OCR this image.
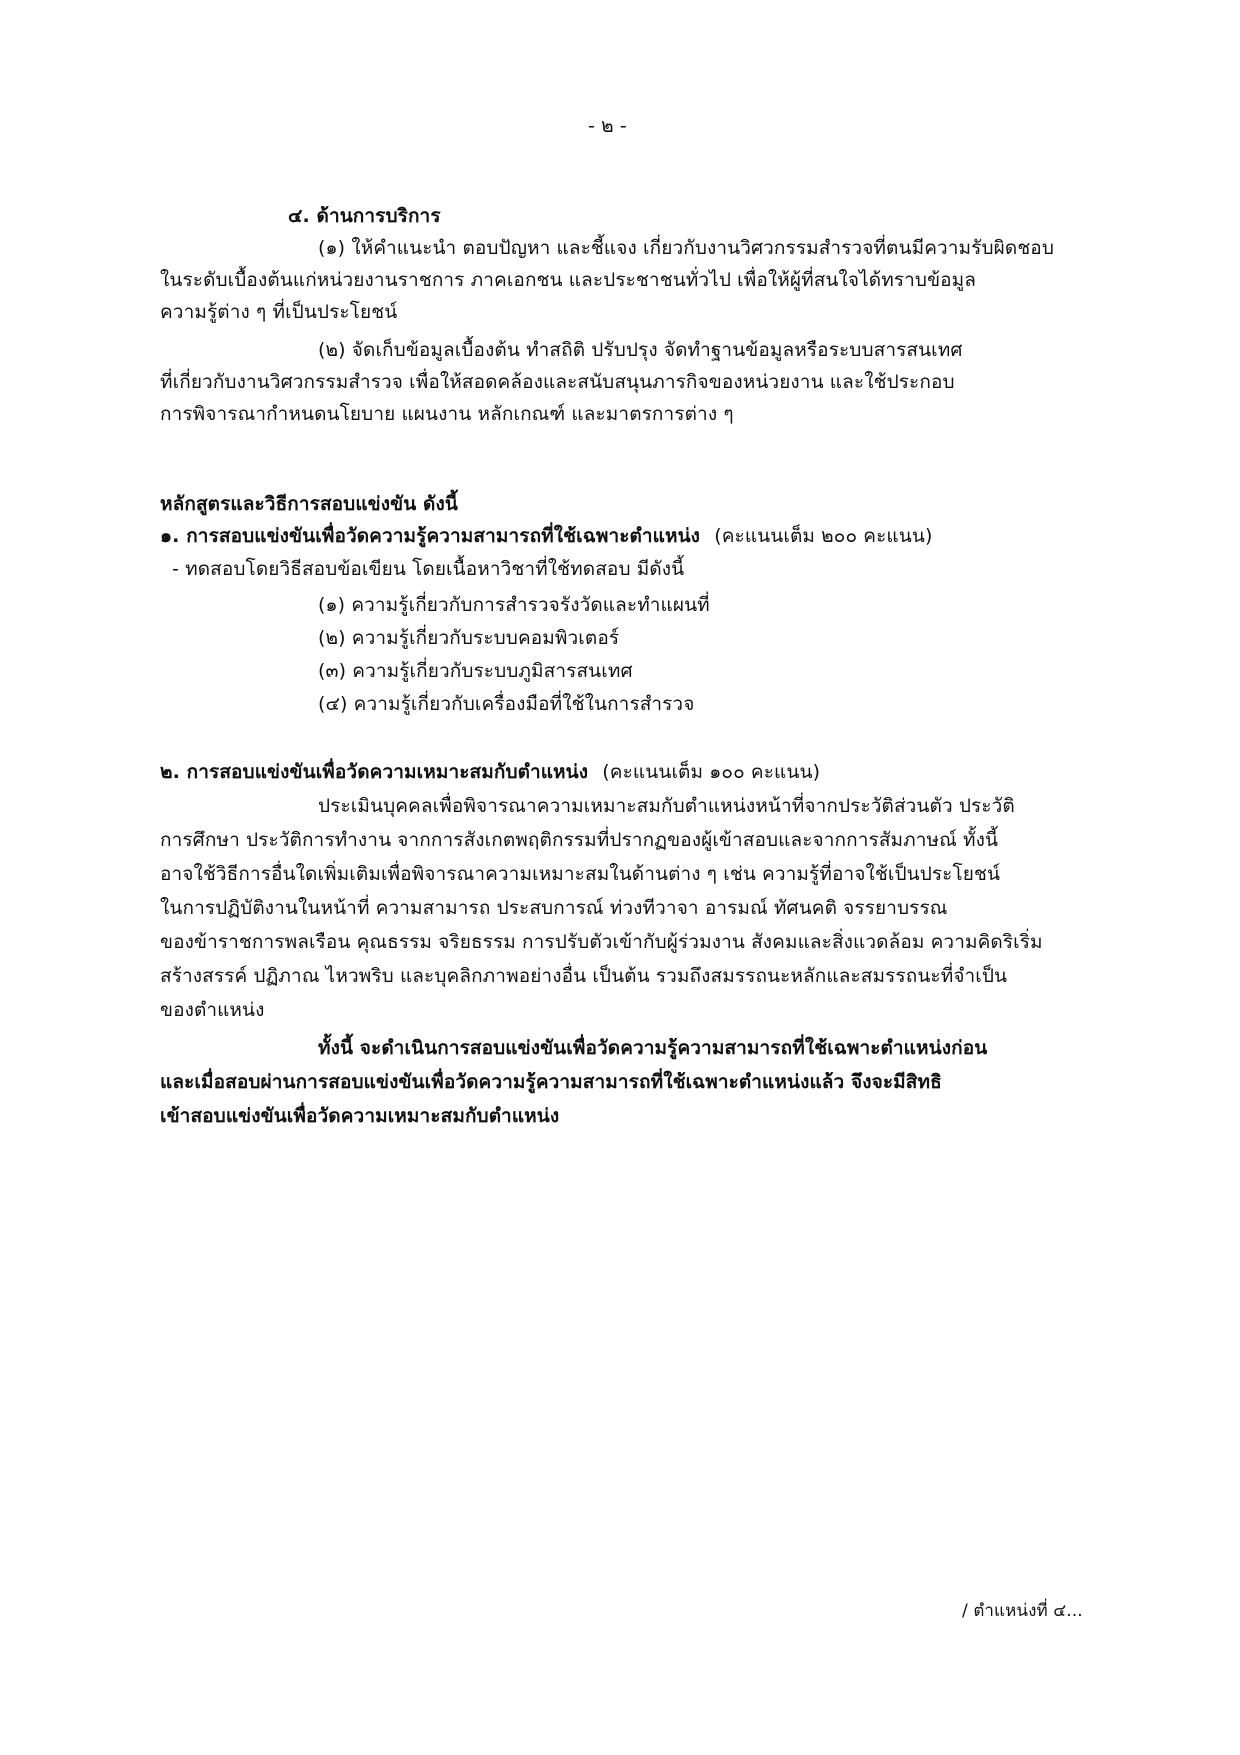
- ๒ -
๔. ด้านการบริการ
(๑) ให้คำแนะนำ ตอบปัญหา และชี้แจง เกี่ยวกับงานวิศวกรรมสำรวจที่ตนมีความรับผิดชอบ
ในระดับเบื้องต้นแก่หน่วยงานราชการ ภาคเอกชน และประชาชนทั่วไป เพื่อให้ผู้ที่สนใจได้ทราบข้อมูล
ความรู้ต่าง ๆ ที่เป็นประโยชน์
(๒) จัดเก็บข้อมูลเบื้องต้น ทำสถิติ ปรับปรุง จัดทำฐานข้อมูลหรือระบบสารสนเทศ
ที่เกี่ยวกับงานวิศวกรรมสำรวจ เพื่อให้สอดคล้องและสนับสนุนภารกิจของหน่วยงาน และใช้ประกอบ
การพิจารณากำหนดนโยบาย แผนงาน หลักเกณฑ์ และมาตรการต่าง ๆ
หลักสูตรและวิธีการสอบแข่งขัน ดังนี้
๑. การสอบแข่งขันเพื่อวัดความรู้ความสามารถที่ใช้เฉพาะตำแหน่ง (คะแนนเต็ม ๒๐๐ คะแนน)
- ทดสอบโดยวิธีสอบข้อเขียน โดยเนื้อหาวิชาที่ใช้ทดสอบ มีดังนี้
(๑) ความรู้เกี่ยวกับการสำรวจรังวัดและทำแผนที่
(๒) ความรู้เกี่ยวกับระบบคอมพิวเตอร์
(๓) ความรู้เกี่ยวกับระบบภูมิสารสนเทศ
(๔) ความรู้เกี่ยวกับเครื่องมือที่ใช้ในการสำรวจ
๒. การสอบแข่งขันเพื่อวัดความเหมาะสมกับตำแหน่ง (คะแนนเต็ม ๑๐๐ คะแนน)
ประเมินบุคคลเพื่อพิจารณาความเหมาะสมกับตำแหน่งหน้าที่จากประวัติส่วนตัว ประวัติ
การศึกษา ประวัติการทำงาน จากการสังเกตพฤติกรรมที่ปรากฏของผู้เข้าสอบและจากการสัมภาษณ์ ทั้งนี้
อาจใช้วิธีการอื่นใดเพิ่มเติมเพื่อพิจารณาความเหมาะสมในด้านต่าง ๆ เช่น ความรู้ที่อาจใช้เป็นประโยชน์
ในการปฏิบัติงานในหน้าที่ ความสามารถ ประสบการณ์ ท่วงทีวาจา อารมณ์ ทัศนคติ จรรยาบรรณ
ของข้าราชการพลเรือน คุณธรรม จริยธรรม การปรับตัวเข้ากับผู้ร่วมงาน สังคมและสิ่งแวดล้อม ความคิดริเริ่ม
สร้างสรรค์ ปฏิภาณ ไหวพริบ และบุคลิกภาพอย่างอื่น เป็นต้น รวมถึงสมรรถนะหลักและสมรรถนะที่จำเป็น
ของตำแหน่ง
ทั้งนี้ จะดำเนินการสอบแข่งขันเพื่อวัดความรู้ความสามารถที่ใช้เฉพาะตำแหน่งก่อน
และเมื่อสอบผ่านการสอบแข่งขันเพื่อวัดความรู้ความสามารถที่ใช้เฉพาะตำแหน่งแล้ว จึงจะมีสิทธิ
เข้าสอบแข่งขันเพื่อวัดความเหมาะสมกับตำแหน่ง
/ ตำแหน่งที่ ๔...
